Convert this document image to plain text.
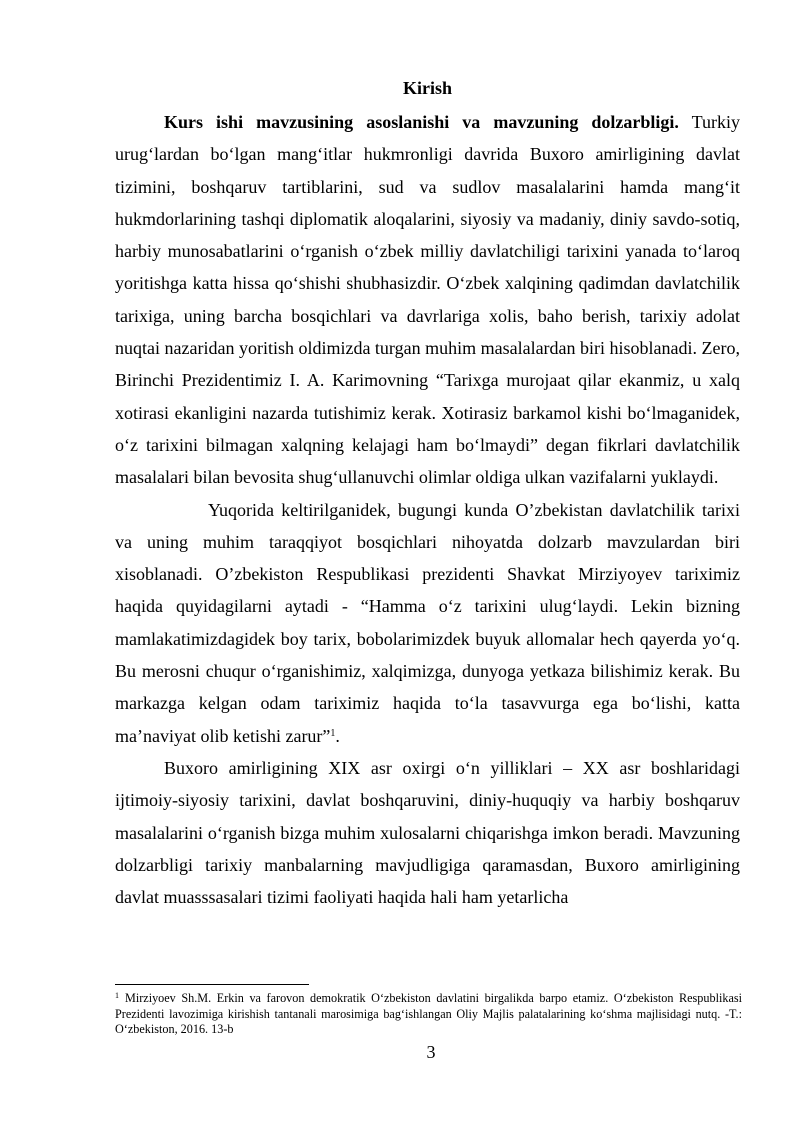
Kirish

Kurs ishi mavzusining asoslanishi va mavzuning dolzarbligi. Turkiy urug‘lardan bo‘lgan mang‘itlar hukmronligi davrida Buxoro amirligining davlat tizimini, boshqaruv tartiblarini, sud va sudlov masalalarini hamda mang‘it hukmdorlarining tashqi diplomatik aloqalarini, siyosiy va madaniy, diniy savdo-sotiq, harbiy munosabatlarini o‘rganish o‘zbek milliy davlatchiligi tarixini yanada to‘laroq yoritishga katta hissa qo‘shishi shubhasizdir. O‘zbek xalqining qadimdan davlatchilik tarixiga, uning barcha bosqichlari va davrlariga xolis, baho berish, tarixiy adolat nuqtai nazaridan yoritish oldimizda turgan muhim masalalardan biri hisoblanadi. Zero, Birinchi Prezidentimiz I. A. Karimovning “Tarixga murojaat qilar ekanmiz, u xalq xotirasi ekanligini nazarda tutishimiz kerak. Xotirasiz barkamol kishi bo‘lmaganidek, o‘z tarixini bilmagan xalqning kelajagi ham bo‘lmaydi” degan fikrlari davlatchilik masalalari bilan bevosita shug‘ullanuvchi olimlar oldiga ulkan vazifalarni yuklaydi.

Yuqorida keltirilganidek, bugungi kunda O’zbekistan davlatchilik tarixi va uning muhim taraqqiyot bosqichlari nihoyatda dolzarb mavzulardan biri xisoblanadi. O’zbekiston Respublikasi prezidenti Shavkat Mirziyoyev tariximiz haqida quyidagilarni aytadi - “Hamma o‘z tarixini ulug‘laydi. Lekin bizning mamlakatimizdagidek boy tarix, bobolarimizdek buyuk allomalar hech qayerda yo‘q. Bu merosni chuqur o‘rganishimiz, xalqimizga, dunyoga yetkaza bilishimiz kerak. Bu markazga kelgan odam tariximiz haqida to‘la tasavvurga ega bo‘lishi, katta ma’naviyat olib ketishi zarur”$^1$.

Buxoro amirligining XIX asr oxirgi o‘n yilliklari – XX asr boshlaridagi ijtimoiy-siyosiy tarixini, davlat boshqaruvini, diniy-huquqiy va harbiy boshqaruv masalalarini o‘rganish bizga muhim xulosalarni chiqarishga imkon beradi. Mavzuning dolzarbligi tarixiy manbalarning mavjudligiga qaramasdan, Buxoro amirligining davlat muasssasalari tizimi faoliyati haqida hali ham yetarlicha

$^1$ Mirziyoev Sh.M. Erkin va farovon demokratik O‘zbekiston davlatini birgalikda barpo etamiz. O‘zbekiston Respublikasi Prezidenti lavozimiga kirishish tantanali marosimiga bag‘ishlangan Oliy Majlis palatalarining ko‘shma majlisidagi nutq. -T.: O‘zbekiston, 2016. 13-b
3
